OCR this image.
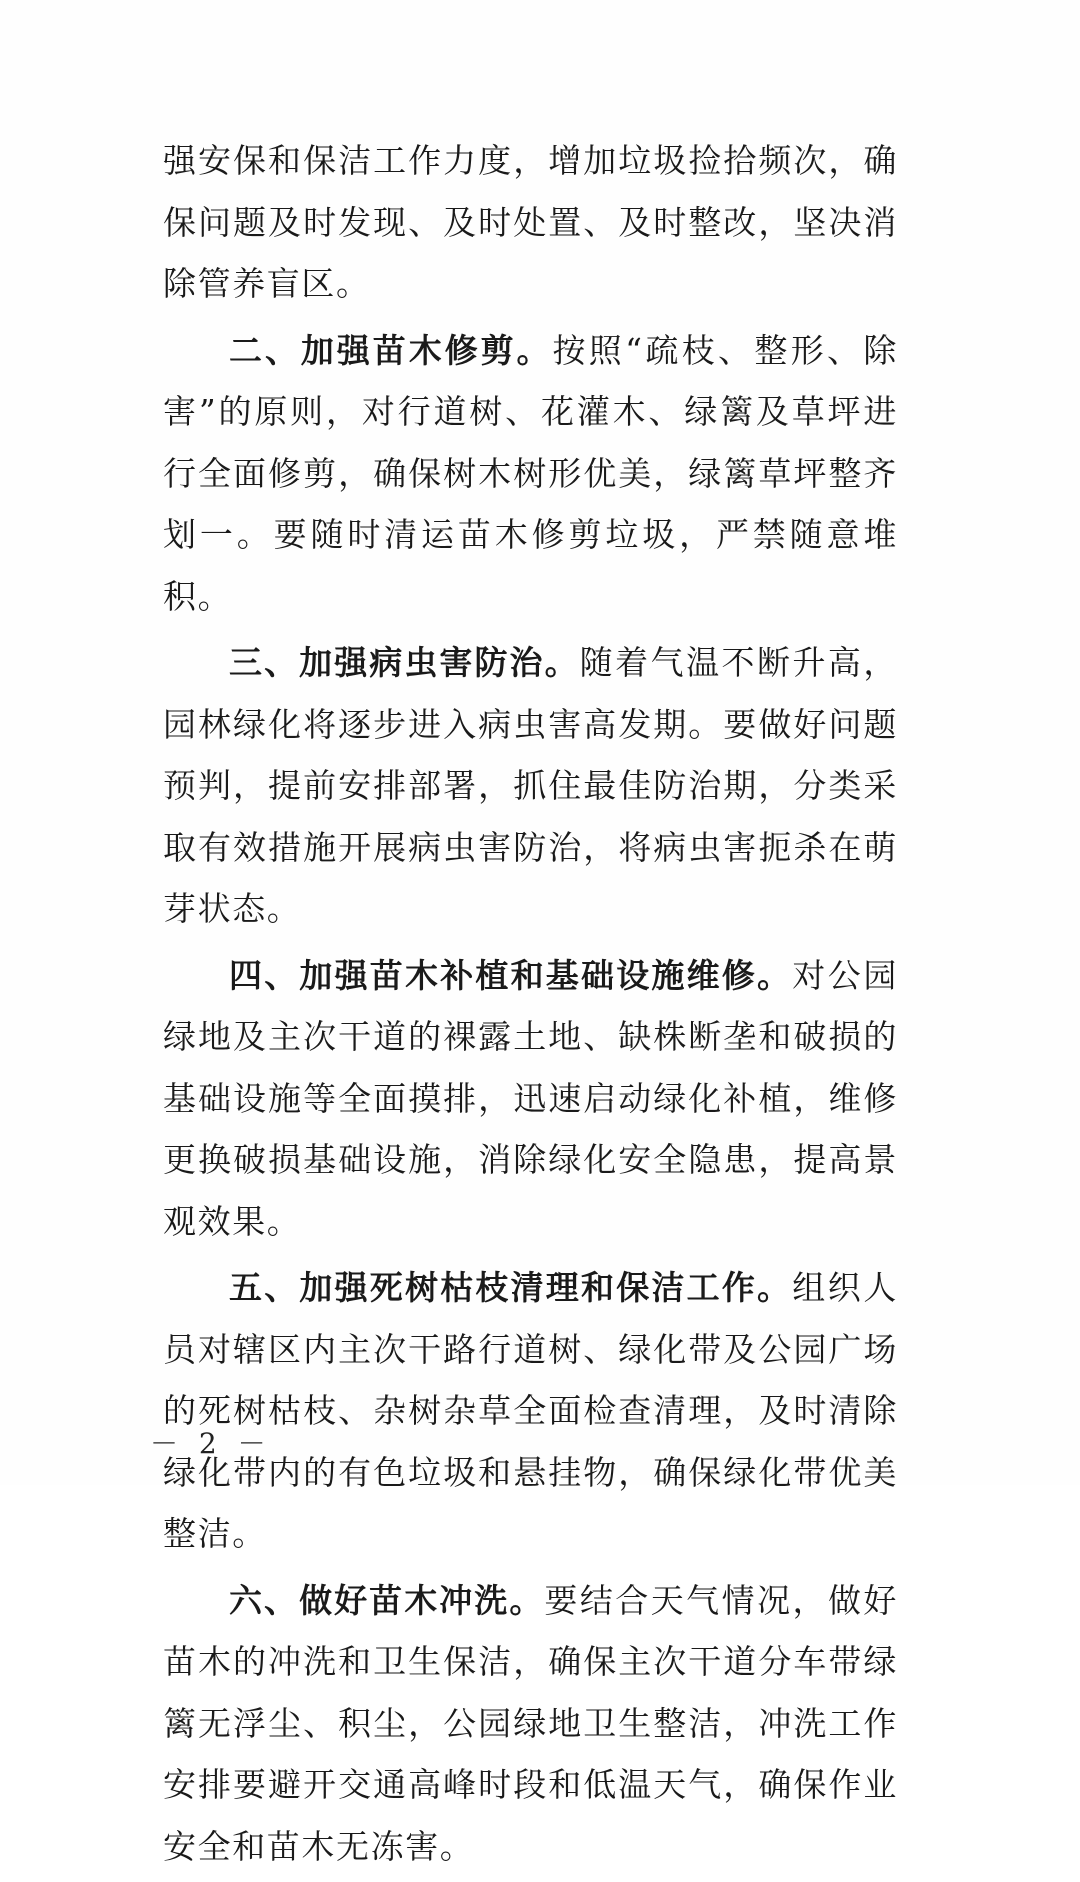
强安保和保洁工作力度，增加垃圾捡拾频次，确保问题及时发现、及时处置、及时整改，坚决消除管养盲区。

二、加强苗木修剪。按照“疏枝、整形、除害”的原则，对行道树、花灌木、绿篱及草坪进行全面修剪，确保树木树形优美，绿篱草坪整齐划一。要随时清运苗木修剪垃圾，严禁随意堆积。

三、加强病虫害防治。随着气温不断升高，园林绿化将逐步进入病虫害高发期。要做好问题预判，提前安排部署，抓住最佳防治期，分类采取有效措施开展病虫害防治，将病虫害扼杀在萌芽状态。

四、加强苗木补植和基础设施维修。对公园绿地及主次干道的裸露土地、缺株断垄和破损的基础设施等全面摸排，迅速启动绿化补植，维修更换破损基础设施，消除绿化安全隐患，提高景观效果。

五、加强死树枯枝清理和保洁工作。组织人员对辖区内主次干路行道树、绿化带及公园广场的死树枯枝、杂树杂草全面检查清理，及时清除绿化带内的有色垃圾和悬挂物，确保绿化带优美整洁。

六、做好苗木冲洗。要结合天气情况，做好苗木的冲洗和卫生保洁，确保主次干道分车带绿篱无浮尘、积尘，公园绿地卫生整洁，冲洗工作安排要避开交通高峰时段和低温天气，确保作业安全和苗木无冻害。

－ 2 －
